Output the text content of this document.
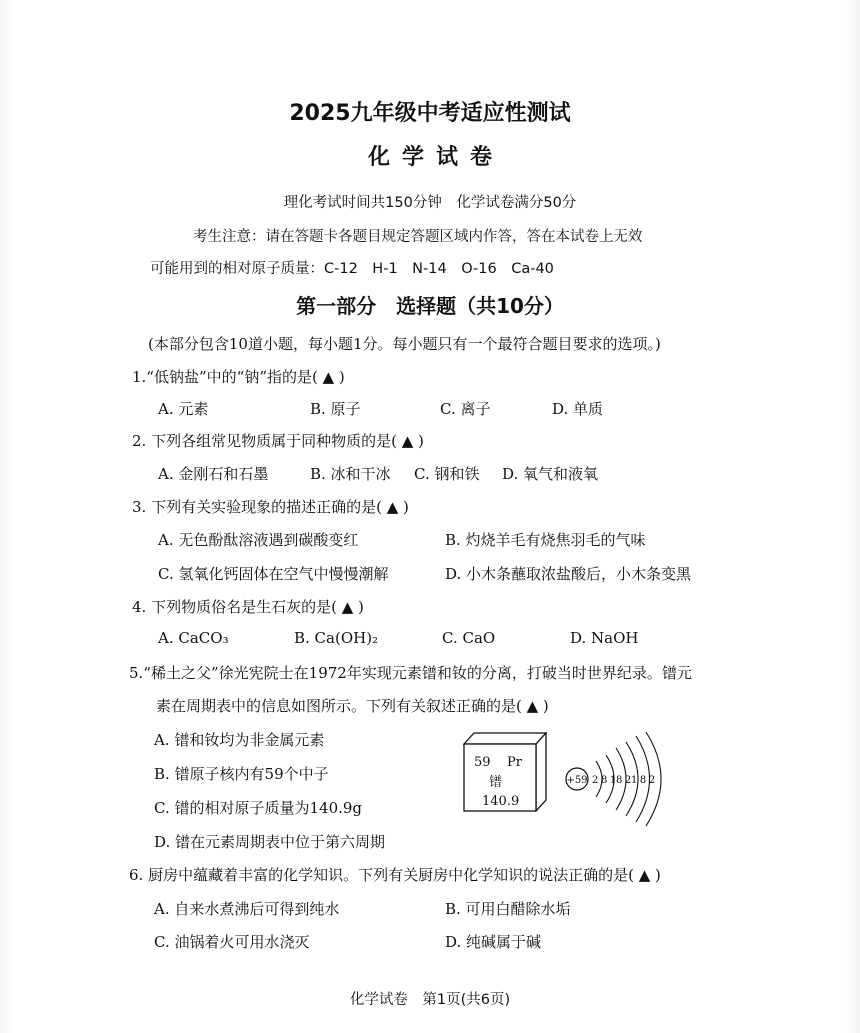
2025九年级中考适应性测试
化学试卷
理化考试时间共150分钟　化学试卷满分50分
考生注意：请在答题卡各题目规定答题区域内作答，答在本试卷上无效
可能用到的相对原子质量：C-12　H-1　N-14　O-16　Ca-40
第一部分　选择题（共10分）
(本部分包含10道小题，每小题1分。每小题只有一个最符合题目要求的选项。)
1.“低钠盐”中的“钠”指的是( ▲ )
A. 元素	B. 原子	C. 离子	D. 单质
2. 下列各组常见物质属于同种物质的是( ▲ )
A. 金刚石和石墨	B. 冰和干冰 C. 钢和铁 D. 氧气和液氧
3. 下列有关实验现象的描述正确的是( ▲ )
A. 无色酚酞溶液遇到碳酸变红	B. 灼烧羊毛有烧焦羽毛的气味
C. 氢氧化钙固体在空气中慢慢潮解	D. 小木条蘸取浓盐酸后，小木条变黑
4. 下列物质俗名是生石灰的是( ▲ )
A. CaCO₃	B. Ca(OH)₂	C. CaO	D. NaOH
5.“稀土之父”徐光宪院士在1972年实现元素镨和钕的分离，打破当时世界纪录。镨元
素在周期表中的信息如图所示。下列有关叙述正确的是( ▲ )
A. 镨和钕均为非金属元素
B. 镨原子核内有59个中子
C. 镨的相对原子质量为140.9g
D. 镨在元素周期表中位于第六周期
59 Pr
镨
140.9
+59 2 8 18 21 8 2
6. 厨房中蕴藏着丰富的化学知识。下列有关厨房中化学知识的说法正确的是( ▲ )
A. 自来水煮沸后可得到纯水	B. 可用白醋除水垢
C. 油锅着火可用水浇灭	D. 纯碱属于碱
化学试卷　第1页(共6页)
